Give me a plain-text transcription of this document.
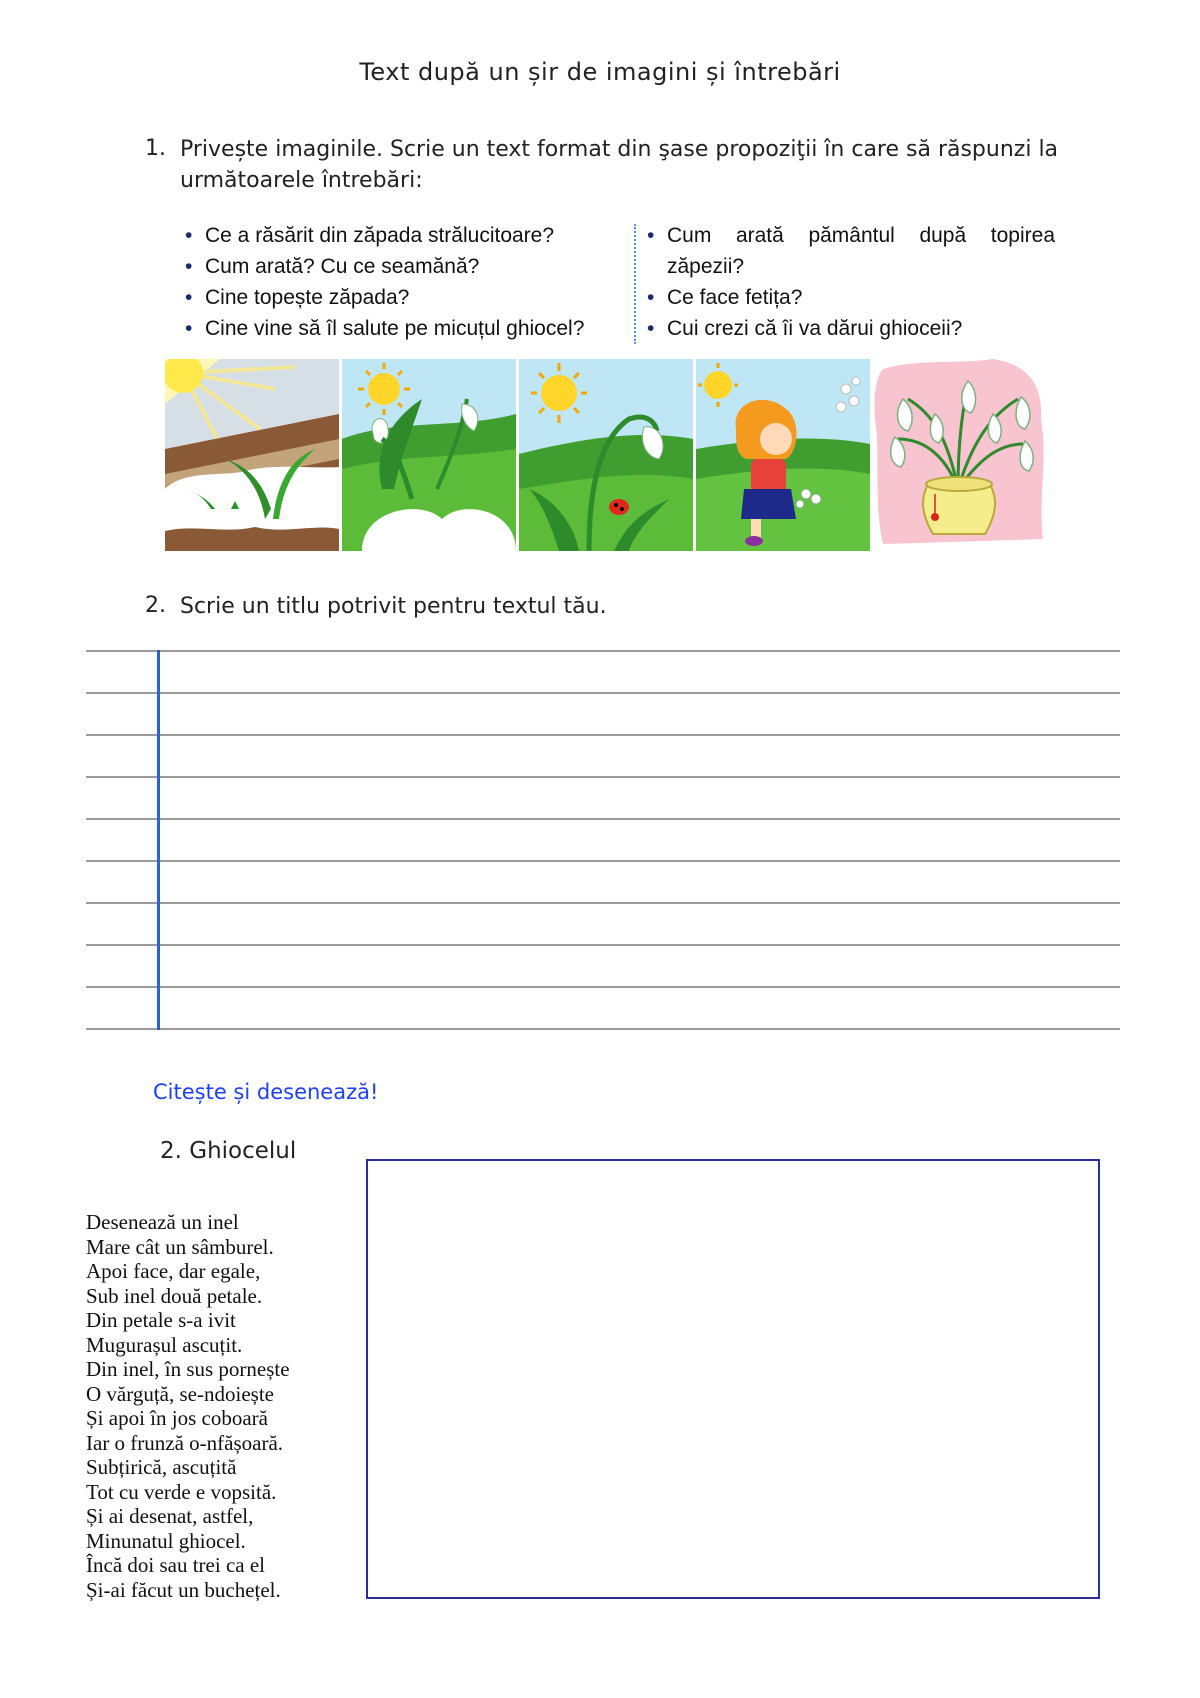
Text după un șir de imagini și întrebări
1. Privește imaginile. Scrie un text format din şase propoziţii în care să răspunzi la următoarele întrebări:
• Ce a răsărit din zăpada strălucitoare?
• Cum arată? Cu ce seamănă?
• Cine topește zăpada?
• Cine vine să îl salute pe micuțul ghiocel?
• Cum arată pământul după topirea zăpezii?
• Ce face fetița?
• Cui crezi că îi va dărui ghioceii?
2. Scrie un titlu potrivit pentru textul tău.
Citește și desenează!
2. Ghiocelul
Desenează un inel
Mare cât un sâmburel.
Apoi face, dar egale,
Sub inel două petale.
Din petale s-a ivit
Mugurașul ascuțit.
Din inel, în sus pornește
O vărguță, se-ndoiește
Și apoi în jos coboară
Iar o frunză o-nfășoară.
Subțirică, ascuțită
Tot cu verde e vopsită.
Și ai desenat, astfel,
Minunatul ghiocel.
Încă doi sau trei ca el
Și-ai făcut un buchețel.
